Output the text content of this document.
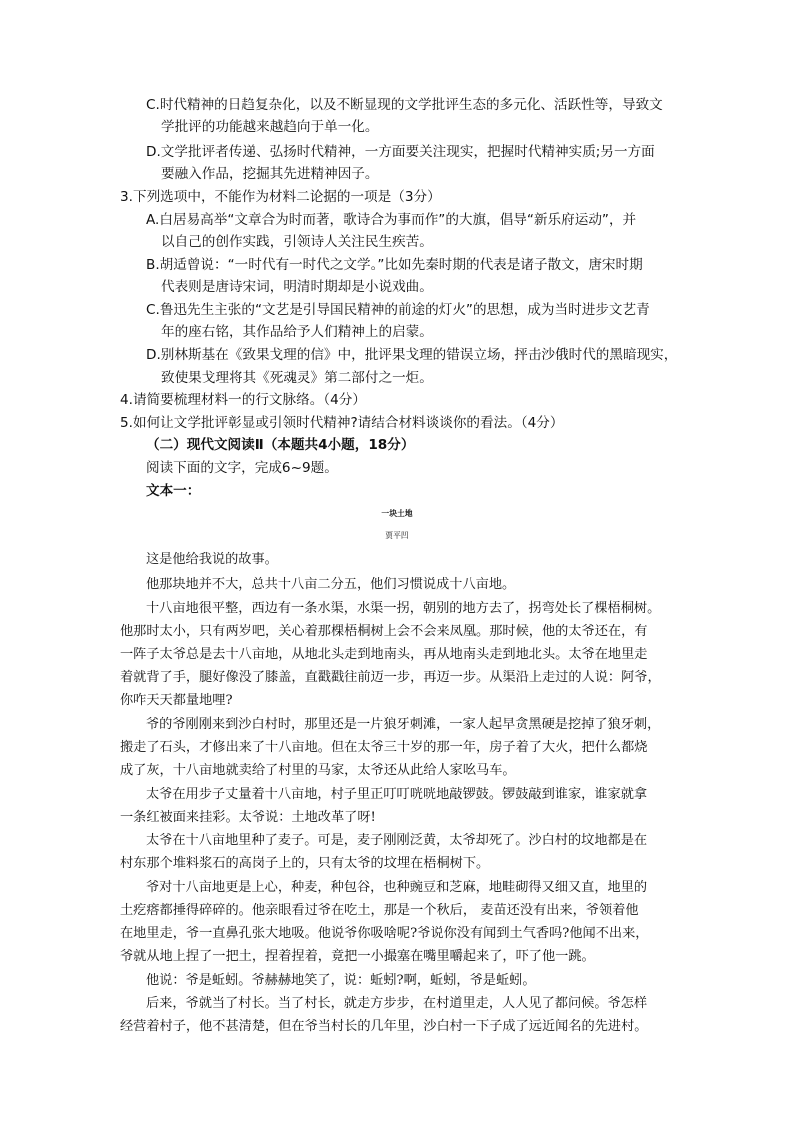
C.时代精神的日趋复杂化，以及不断显现的文学批评生态的多元化、活跃性等，导致文
学批评的功能越来越趋向于单一化。
D.文学批评者传递、弘扬时代精神，一方面要关注现实，把握时代精神实质;另一方面
要融入作品，挖掘其先进精神因子。
3.下列选项中，不能作为材料二论据的一项是（3分）
A.白居易高举“文章合为时而著，歌诗合为事而作”的大旗，倡导“新乐府运动”，并
以自己的创作实践，引领诗人关注民生疾苦。
B.胡适曾说：“一时代有一时代之文学。”比如先秦时期的代表是诸子散文，唐宋时期
代表则是唐诗宋词，明清时期却是小说戏曲。
C.鲁迅先生主张的“文艺是引导国民精神的前途的灯火”的思想，成为当时进步文艺青
年的座右铭，其作品给予人们精神上的启蒙。
D.别林斯基在《致果戈理的信》中，批评果戈理的错误立场，抨击沙俄时代的黑暗现实，
致使果戈理将其《死魂灵》第二部付之一炬。
4.请简要梳理材料一的行文脉络。（4分）
5.如何让文学批评彰显或引领时代精神?请结合材料谈谈你的看法。（4分）
（二）现代文阅读Ⅱ（本题共4小题，18分）
阅读下面的文字，完成6~9题。
文本一：
一块土地
贾平凹
这是他给我说的故事。
他那块地并不大，总共十八亩二分五，他们习惯说成十八亩地。
十八亩地很平整，西边有一条水渠，水渠一拐，朝别的地方去了，拐弯处长了棵梧桐树。
他那时太小，只有两岁吧，关心着那棵梧桐树上会不会来凤凰。那时候，他的太爷还在，有
一阵子太爷总是去十八亩地，从地北头走到地南头，再从地南头走到地北头。太爷在地里走
着就背了手，腿好像没了膝盖，直戳戳往前迈一步，再迈一步。从渠沿上走过的人说：阿爷，
你咋天天都量地哩?
爷的爷刚刚来到沙白村时，那里还是一片狼牙刺滩，一家人起早贪黑硬是挖掉了狼牙刺，
搬走了石头，才修出来了十八亩地。但在太爷三十岁的那一年，房子着了大火，把什么都烧
成了灰，十八亩地就卖给了村里的马家，太爷还从此给人家吆马车。
太爷在用步子丈量着十八亩地，村子里正叮叮咣咣地敲锣鼓。锣鼓敲到谁家，谁家就拿
一条红被面来挂彩。太爷说：土地改革了呀!
太爷在十八亩地里种了麦子。可是，麦子刚刚泛黄，太爷却死了。沙白村的坟地都是在
村东那个堆料浆石的高岗子上的，只有太爷的坟埋在梧桐树下。
爷对十八亩地更是上心，种麦，种包谷，也种豌豆和芝麻，地畦砌得又细又直，地里的
土疙瘩都捶得碎碎的。他亲眼看过爷在吃土，那是一个秋后， 麦苗还没有出来，爷领着他
在地里走，爷一直鼻孔张大地吸。他说爷你吸啥呢?爷说你没有闻到土气香吗?他闻不出来，
爷就从地上捏了一把土，捏着捏着，竟把一小撮塞在嘴里嚼起来了，吓了他一跳。
他说：爷是蚯蚓。爷赫赫地笑了，说：蚯蚓?啊，蚯蚓，爷是蚯蚓。
后来，爷就当了村长。当了村长，就走方步步，在村道里走，人人见了都问候。爷怎样
经营着村子，他不甚清楚，但在爷当村长的几年里，沙白村一下子成了远近闻名的先进村。
